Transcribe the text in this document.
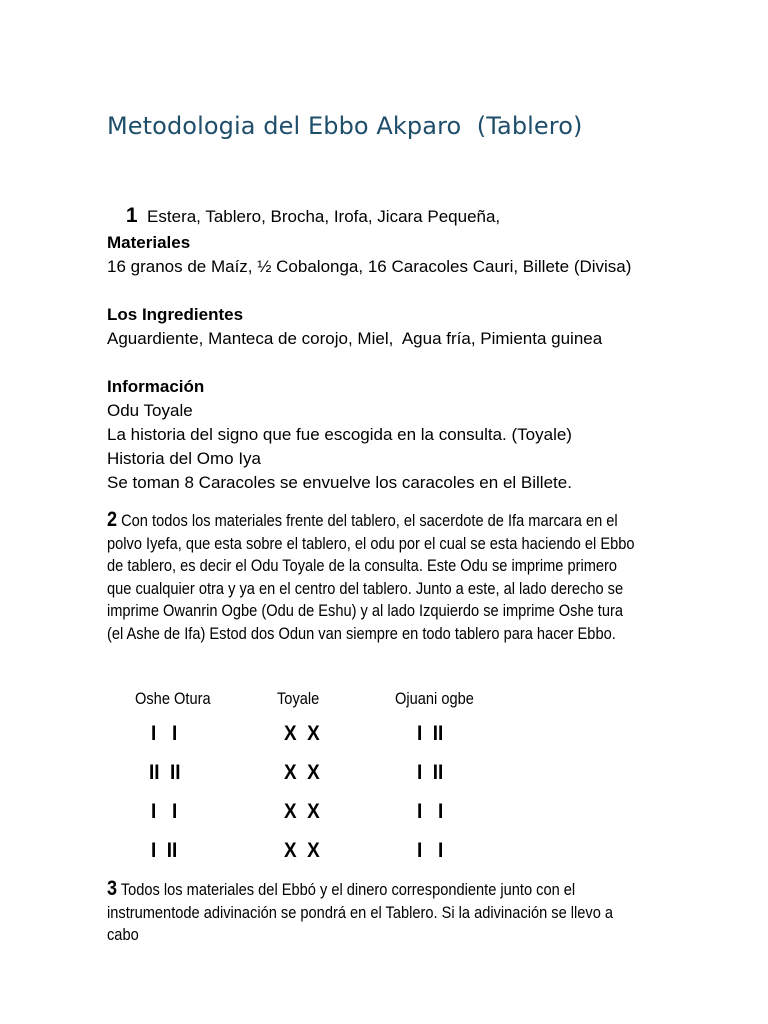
Metodologia del Ebbo Akparo  (Tablero)

1 Estera, Tablero, Brocha, Irofa, Jicara Pequeña,

Materiales
16 granos de Maíz, ½ Cobalonga, 16 Caracoles Cauri, Billete (Divisa)
Los Ingredientes
Aguardiente, Manteca de corojo, Miel,  Agua fría, Pimienta guinea
Información
Odu Toyale
La historia del signo que fue escogida en la consulta. (Toyale)
Historia del Omo Iya
Se toman 8 Caracoles se envuelve los caracoles en el Billete.
2 Con todos los materiales frente del tablero, el sacerdote de Ifa marcara en el polvo Iyefa, que esta sobre el tablero, el odu por el cual se esta haciendo el Ebbo de tablero, es decir el Odu Toyale de la consulta. Este Odu se imprime primero que cualquier otra y ya en el centro del tablero. Junto a este, al lado derecho se imprime Owanrin Ogbe (Odu de Eshu) y al lado Izquierdo se imprime Oshe tura (el Ashe de Ifa) Estod dos Odun van siempre en todo tablero para hacer Ebbo.
Oshe Otura	Toyale	Ojuani ogbe
I   I
II  II
I   I
I  II
X  X
X  X
X  X
X  X
I  II
I  II
I   I
I   I
3 Todos los materiales del Ebbó y el dinero correspondiente junto con el instrumentode adivinación se pondrá en el Tablero. Si la adivinación se llevo a cabo
